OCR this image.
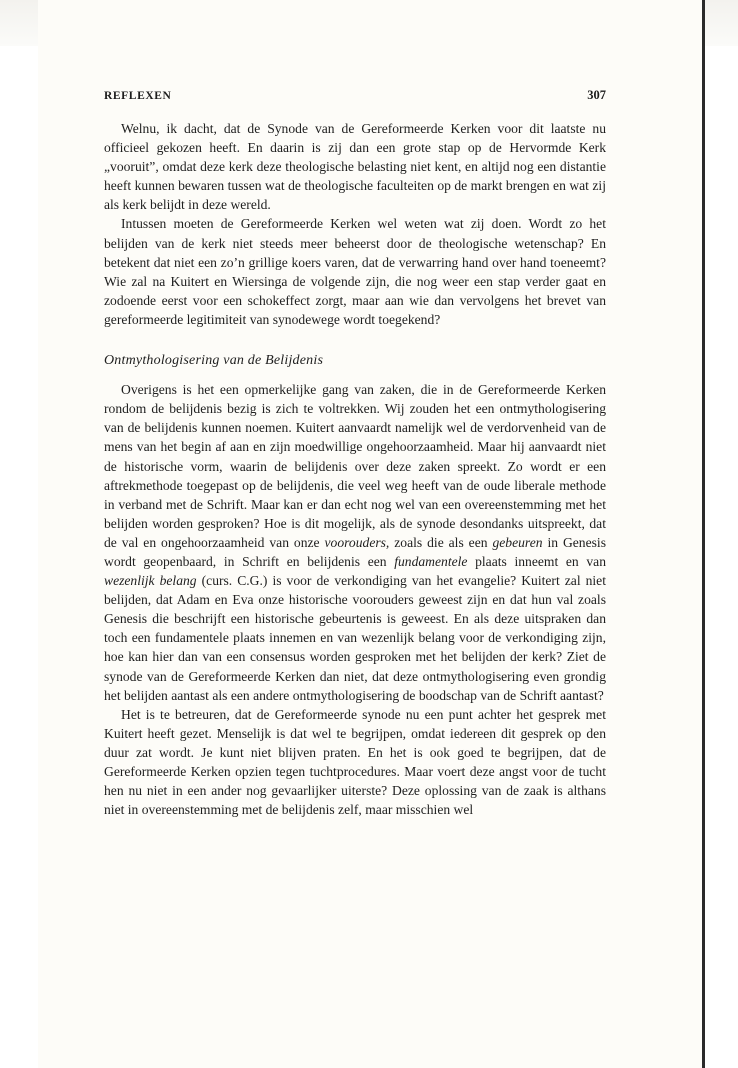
REFLEXEN	307

Welnu, ik dacht, dat de Synode van de Gereformeerde Kerken voor dit laatste nu officieel gekozen heeft. En daarin is zij dan een grote stap op de Hervormde Kerk „vooruit”, omdat deze kerk deze theologische belasting niet kent, en altijd nog een distantie heeft kunnen bewaren tussen wat de theologische faculteiten op de markt brengen en wat zij als kerk belijdt in deze wereld.

Intussen moeten de Gereformeerde Kerken wel weten wat zij doen. Wordt zo het belijden van de kerk niet steeds meer beheerst door de theologische wetenschap? En betekent dat niet een zo’n grillige koers varen, dat de verwarring hand over hand toeneemt? Wie zal na Kuitert en Wiersinga de volgende zijn, die nog weer een stap verder gaat en zodoende eerst voor een schokeffect zorgt, maar aan wie dan vervolgens het brevet van gereformeerde legitimiteit van synodewege wordt toegekend?

Ontmythologisering van de Belijdenis

Overigens is het een opmerkelijke gang van zaken, die in de Gereformeerde Kerken rondom de belijdenis bezig is zich te voltrekken. Wij zouden het een ontmythologisering van de belijdenis kunnen noemen. Kuitert aanvaardt namelijk wel de verdorvenheid van de mens van het begin af aan en zijn moedwillige ongehoorzaamheid. Maar hij aanvaardt niet de historische vorm, waarin de belijdenis over deze zaken spreekt. Zo wordt er een aftrekmethode toegepast op de belijdenis, die veel weg heeft van de oude liberale methode in verband met de Schrift. Maar kan er dan echt nog wel van een overeenstemming met het belijden worden gesproken? Hoe is dit mogelijk, als de synode desondanks uitspreekt, dat de val en ongehoorzaamheid van onze voorouders, zoals die als een gebeuren in Genesis wordt geopenbaard, in Schrift en belijdenis een fundamentele plaats inneemt en van wezenlijk belang (curs. C.G.) is voor de verkondiging van het evangelie? Kuitert zal niet belijden, dat Adam en Eva onze historische voorouders geweest zijn en dat hun val zoals Genesis die beschrijft een historische gebeurtenis is geweest. En als deze uitspraken dan toch een fundamentele plaats innemen en van wezenlijk belang voor de verkondiging zijn, hoe kan hier dan van een consensus worden gesproken met het belijden der kerk? Ziet de synode van de Gereformeerde Kerken dan niet, dat deze ontmythologisering even grondig het belijden aantast als een andere ontmythologisering de boodschap van de Schrift aantast?

Het is te betreuren, dat de Gereformeerde synode nu een punt achter het gesprek met Kuitert heeft gezet. Menselijk is dat wel te begrijpen, omdat iedereen dit gesprek op den duur zat wordt. Je kunt niet blijven praten. En het is ook goed te begrijpen, dat de Gereformeerde Kerken opzien tegen tuchtprocedures. Maar voert deze angst voor de tucht hen nu niet in een ander nog gevaarlijker uiterste? Deze oplossing van de zaak is althans niet in overeenstemming met de belijdenis zelf, maar misschien wel
